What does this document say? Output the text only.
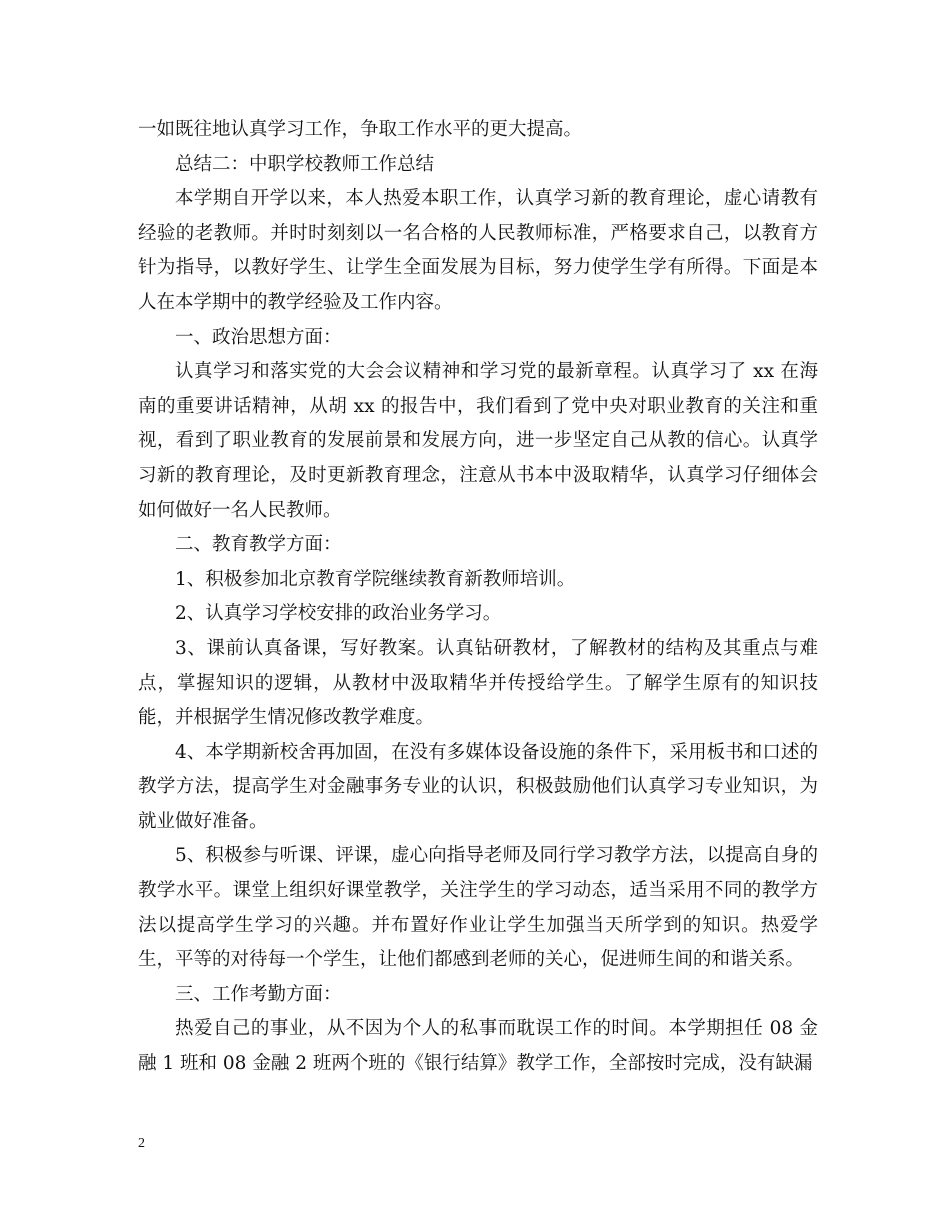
一如既往地认真学习工作，争取工作水平的更大提高。

总结二：中职学校教师工作总结

本学期自开学以来，本人热爱本职工作，认真学习新的教育理论，虚心请教有经验的老教师。并时时刻刻以一名合格的人民教师标准，严格要求自己，以教育方针为指导，以教好学生、让学生全面发展为目标，努力使学生学有所得。下面是本人在本学期中的教学经验及工作内容。

一、政治思想方面：

认真学习和落实党的大会会议精神和学习党的最新章程。认真学习了 xx 在海南的重要讲话精神，从胡 xx 的报告中，我们看到了党中央对职业教育的关注和重视，看到了职业教育的发展前景和发展方向，进一步坚定自己从教的信心。认真学习新的教育理论，及时更新教育理念，注意从书本中汲取精华，认真学习仔细体会如何做好一名人民教师。

二、教育教学方面：

1、积极参加北京教育学院继续教育新教师培训。

2、认真学习学校安排的政治业务学习。

3、课前认真备课，写好教案。认真钻研教材，了解教材的结构及其重点与难点，掌握知识的逻辑，从教材中汲取精华并传授给学生。了解学生原有的知识技能，并根据学生情况修改教学难度。

4、本学期新校舍再加固，在没有多媒体设备设施的条件下，采用板书和口述的教学方法，提高学生对金融事务专业的认识，积极鼓励他们认真学习专业知识，为就业做好准备。

5、积极参与听课、评课，虚心向指导老师及同行学习教学方法，以提高自身的教学水平。课堂上组织好课堂教学，关注学生的学习动态，适当采用不同的教学方法以提高学生学习的兴趣。并布置好作业让学生加强当天所学到的知识。热爱学生，平等的对待每一个学生，让他们都感到老师的关心，促进师生间的和谐关系。

三、工作考勤方面：

热爱自己的事业，从不因为个人的私事而耽误工作的时间。本学期担任 08 金融 1 班和 08 金融 2 班两个班的《银行结算》教学工作，全部按时完成，没有缺漏

2
